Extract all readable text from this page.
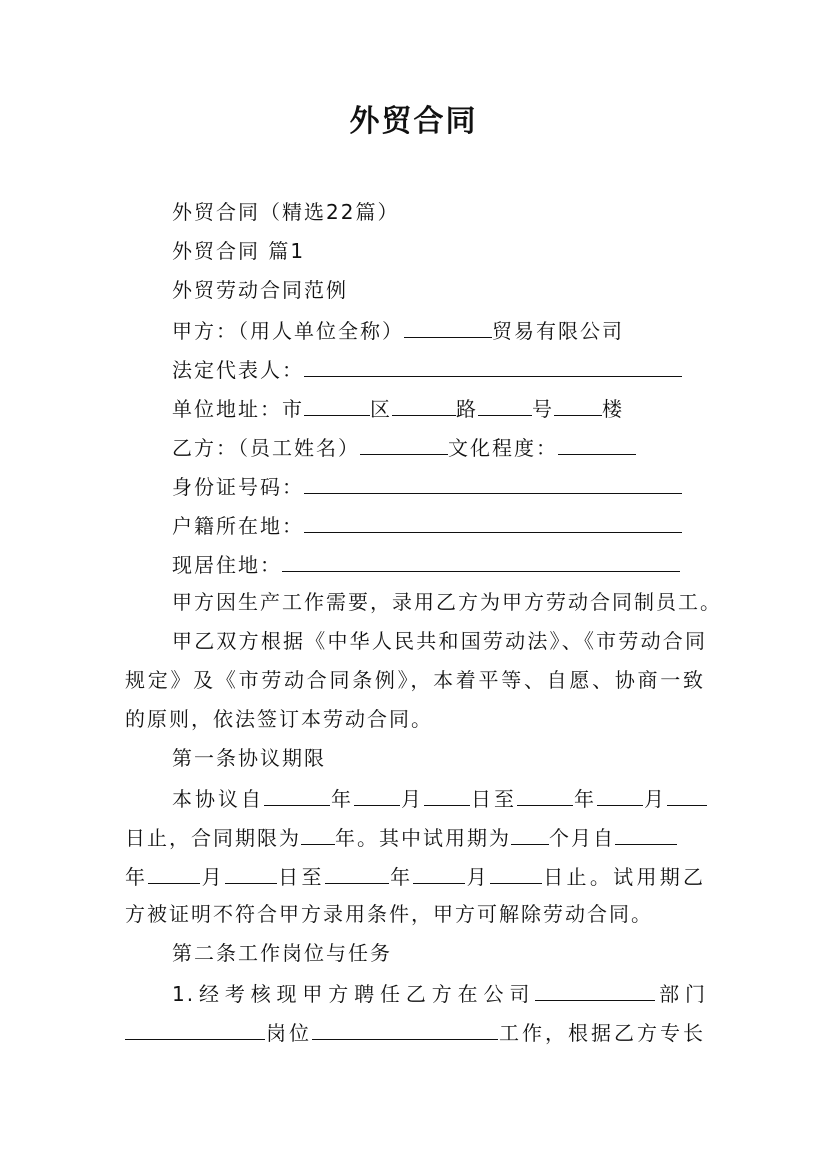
外贸合同
外贸合同（精选22篇）
外贸合同 篇1
外贸劳动合同范例
甲方：（用人单位全称）	贸易有限公司
法定代表人：
单位地址：市	区	路	号 楼
乙方：（员工姓名）	文化程度：
身份证号码：
户籍所在地：
现居住地：
甲方因生产工作需要，录用乙方为甲方劳动合同制员工。
甲乙双方根据《中华人民共和国劳动法》、《市劳动合同
规定》及《市劳动合同条例》，本着平等、自愿、协商一致
的原则，依法签订本劳动合同。
第一条协议期限
本协议自	年 月 日至	年 月
日止，合同期限为 年。其中试用期为 个月自
年	月	日至	年	月	日止。试用期乙
方被证明不符合甲方录用条件，甲方可解除劳动合同。
第二条工作岗位与任务
1.经考核现甲方聘任乙方在公司	部门
岗位	工作，根据乙方专长
